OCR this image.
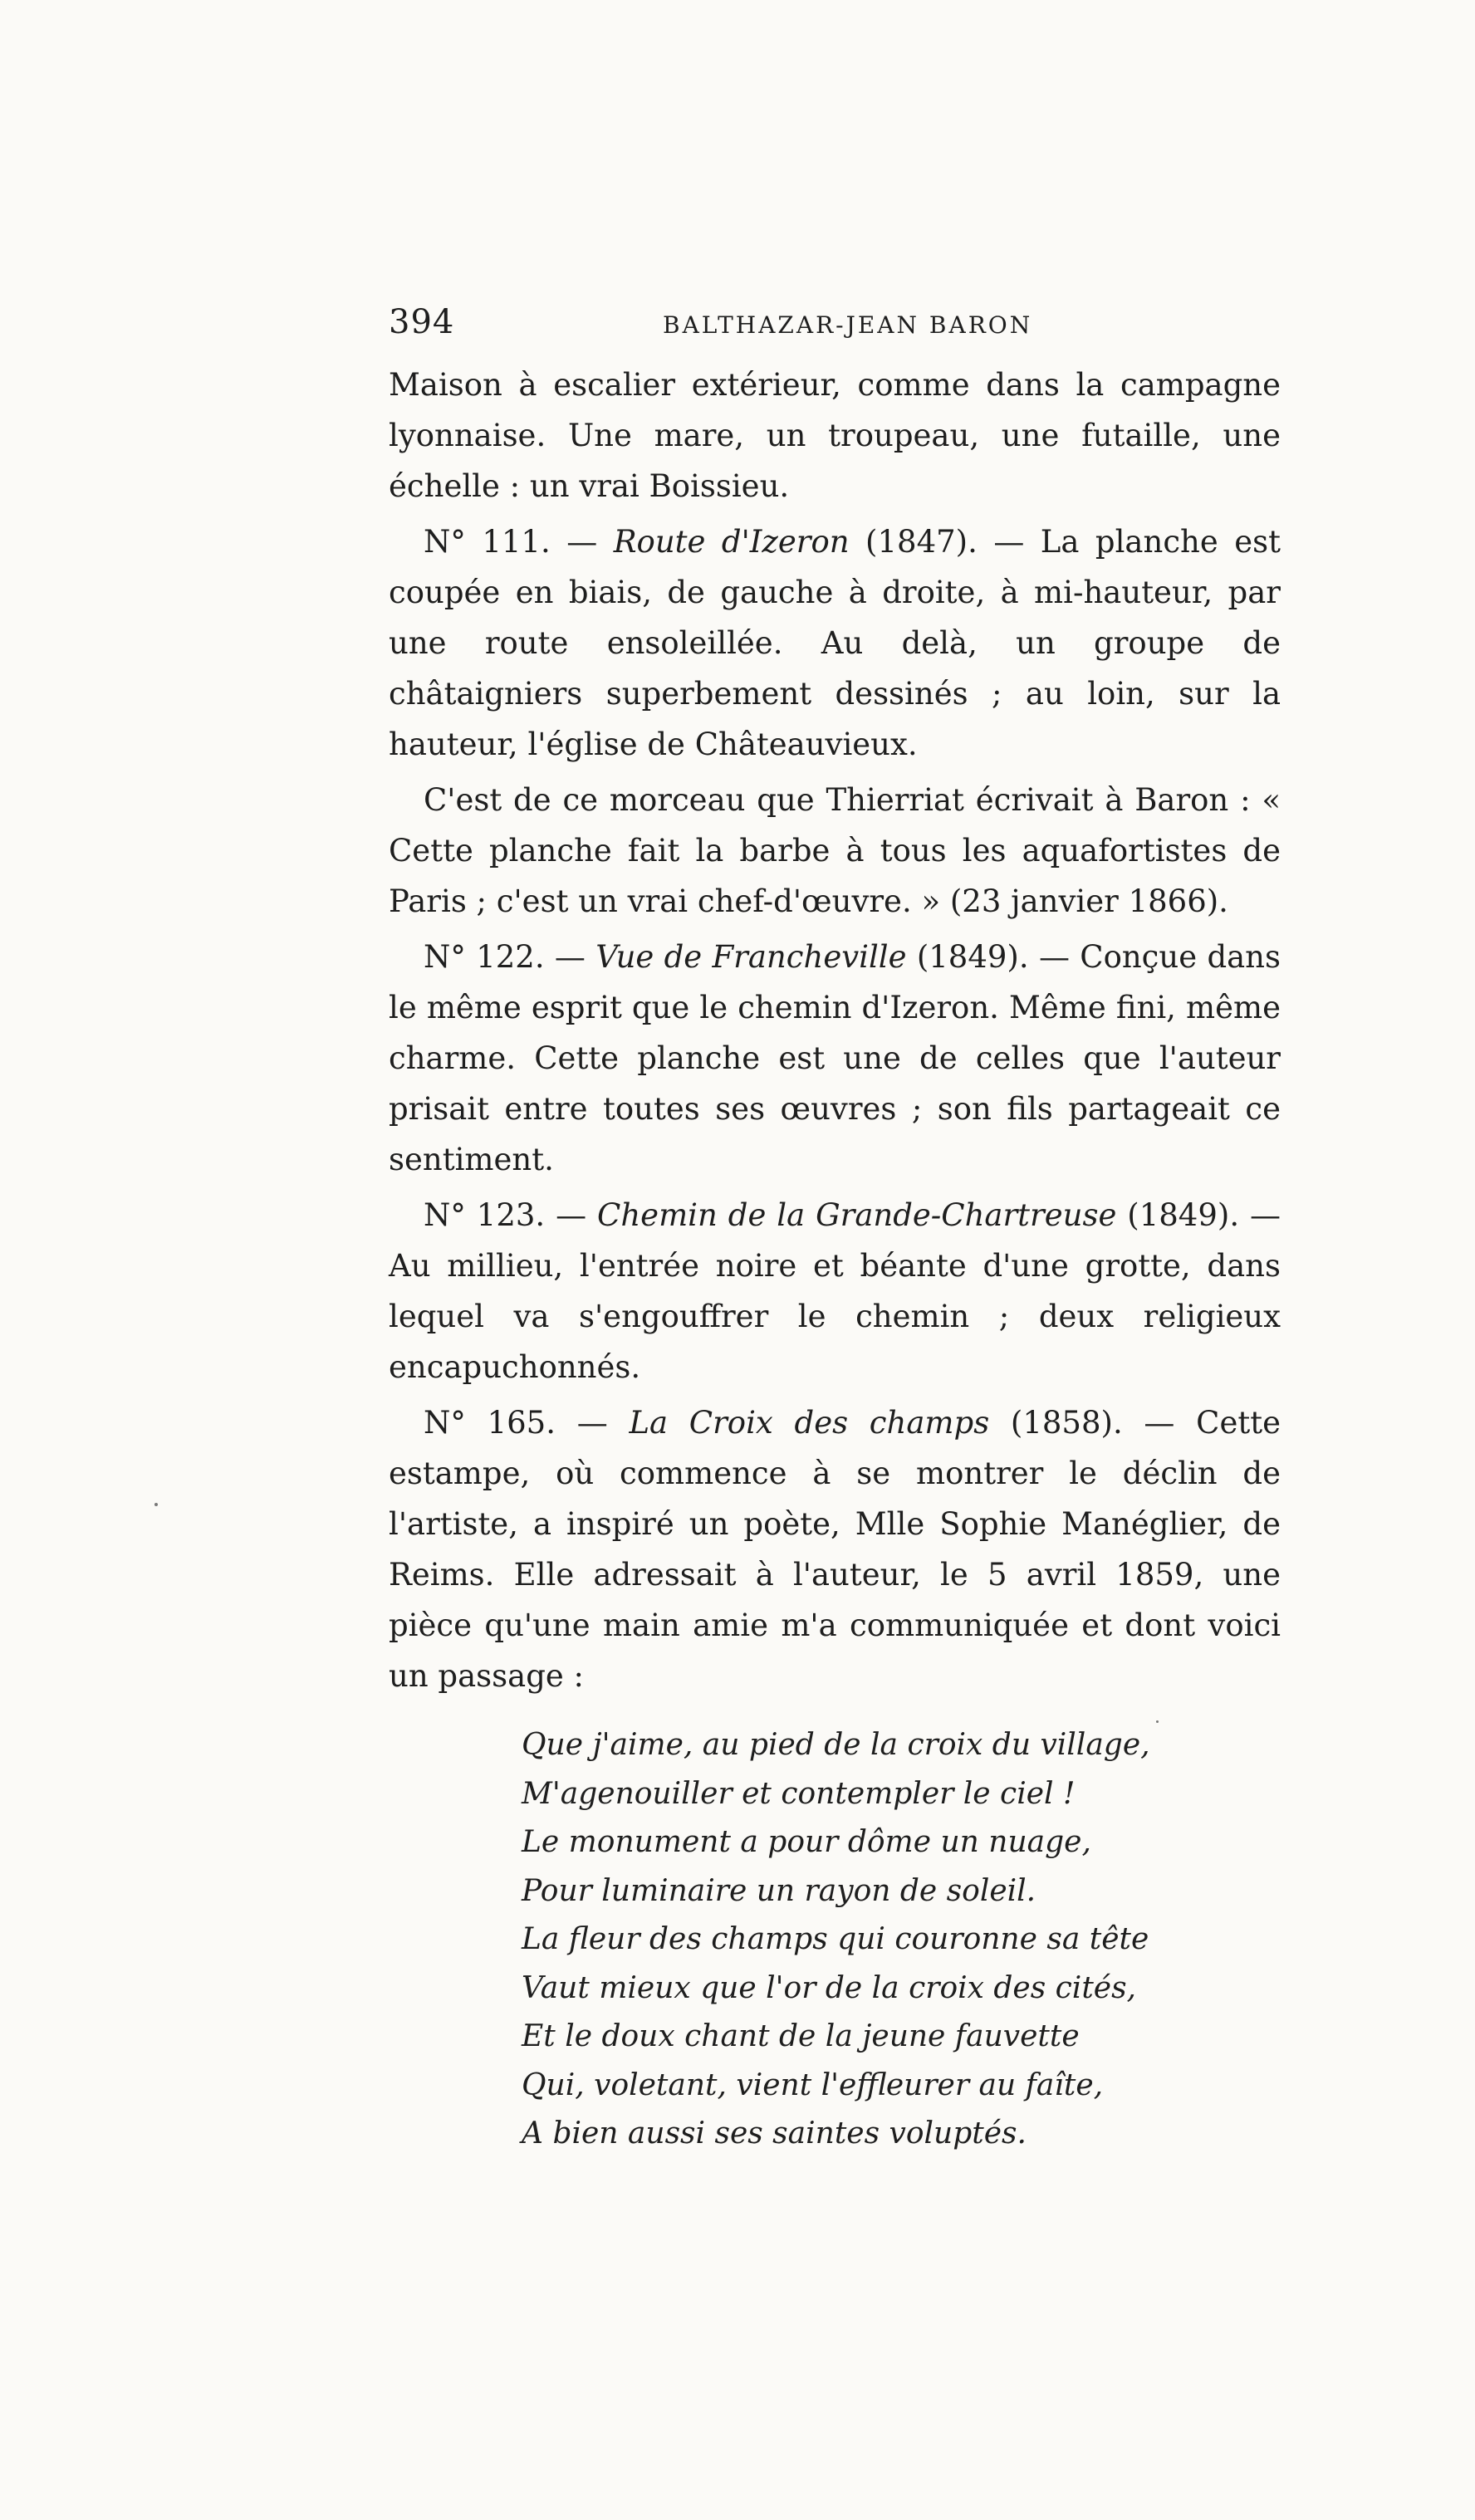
394	BALTHAZAR-JEAN BARON

Maison à escalier extérieur, comme dans la campagne lyonnaise. Une mare, un troupeau, une futaille, une échelle : un vrai Boissieu.

N° 111. — Route d'Izeron (1847). — La planche est coupée en biais, de gauche à droite, à mi-hauteur, par une route ensoleillée. Au delà, un groupe de châtaigniers superbement dessinés ; au loin, sur la hauteur, l'église de Châteauvieux.

C'est de ce morceau que Thierriat écrivait à Baron : « Cette planche fait la barbe à tous les aquafortistes de Paris ; c'est un vrai chef-d'œuvre. » (23 janvier 1866).

N° 122. — Vue de Francheville (1849). — Conçue dans le même esprit que le chemin d'Izeron. Même fini, même charme. Cette planche est une de celles que l'auteur prisait entre toutes ses œuvres ; son fils partageait ce sentiment.

N° 123. — Chemin de la Grande-Chartreuse (1849). — Au millieu, l'entrée noire et béante d'une grotte, dans lequel va s'engouffrer le chemin ; deux religieux encapuchonnés.

N° 165. — La Croix des champs (1858). — Cette estampe, où commence à se montrer le déclin de l'artiste, a inspiré un poète, Mlle Sophie Manéglier, de Reims. Elle adressait à l'auteur, le 5 avril 1859, une pièce qu'une main amie m'a communiquée et dont voici un passage :

Que j'aime, au pied de la croix du village,
M'agenouiller et contempler le ciel !
Le monument a pour dôme un nuage,
Pour luminaire un rayon de soleil.
La fleur des champs qui couronne sa tête
Vaut mieux que l'or de la croix des cités,
Et le doux chant de la jeune fauvette
Qui, voletant, vient l'effleurer au faîte,
A bien aussi ses saintes voluptés.
